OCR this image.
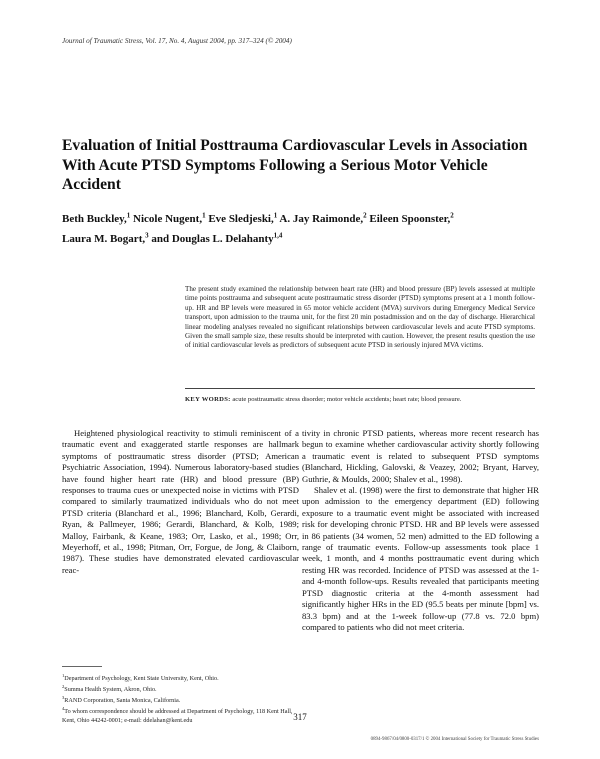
Journal of Traumatic Stress, Vol. 17, No. 4, August 2004, pp. 317–324 (© 2004)
Evaluation of Initial Posttrauma Cardiovascular Levels in Association With Acute PTSD Symptoms Following a Serious Motor Vehicle Accident
Beth Buckley,$^1$ Nicole Nugent,$^1$ Eve Sledjeski,$^1$ A. Jay Raimonde,$^2$ Eileen Spoonster,$^2$
Laura M. Bogart,$^3$ and Douglas L. Delahanty$^{1,4}$
The present study examined the relationship between heart rate (HR) and blood pressure (BP) levels assessed at multiple time points posttrauma and subsequent acute posttraumatic stress disorder (PTSD) symptoms present at a 1 month follow-up. HR and BP levels were measured in 65 motor vehicle accident (MVA) survivors during Emergency Medical Service transport, upon admission to the trauma unit, for the first 20 min postadmission and on the day of discharge. Hierarchical linear modeling analyses revealed no significant relationships between cardiovascular levels and acute PTSD symptoms. Given the small sample size, these results should be interpreted with caution. However, the present results question the use of initial cardiovascular levels as predictors of subsequent acute PTSD in seriously injured MVA victims.
KEY WORDS: acute posttraumatic stress disorder; motor vehicle accidents; heart rate; blood pressure.

Heightened physiological reactivity to stimuli reminiscent of a traumatic event and exaggerated startle responses are hallmark symptoms of posttraumatic stress disorder (PTSD; American Psychiatric Association, 1994). Numerous laboratory-based studies have found higher heart rate (HR) and blood pressure (BP) responses to trauma cues or unexpected noise in victims with PTSD compared to similarly traumatized individuals who do not meet PTSD criteria (Blanchard et al., 1996; Blanchard, Kolb, Gerardi, Ryan, & Pallmeyer, 1986; Gerardi, Blanchard, & Kolb, 1989; Malloy, Fairbank, & Keane, 1983; Orr, Lasko, et al., 1998; Orr, Meyerhoff, et al., 1998; Pitman, Orr, Forgue, de Jong, & Claiborn, 1987). These studies have demonstrated elevated cardiovascular reac-

tivity in chronic PTSD patients, whereas more recent research has begun to examine whether cardiovascular activity shortly following a traumatic event is related to subsequent PTSD symptoms (Blanchard, Hickling, Galovski, & Veazey, 2002; Bryant, Harvey, Guthrie, & Moulds, 2000; Shalev et al., 1998).

Shalev et al. (1998) were the first to demonstrate that higher HR upon admission to the emergency department (ED) following exposure to a traumatic event might be associated with increased risk for developing chronic PTSD. HR and BP levels were assessed in 86 patients (34 women, 52 men) admitted to the ED following a range of traumatic events. Follow-up assessments took place 1 week, 1 month, and 4 months posttraumatic event during which resting HR was recorded. Incidence of PTSD was assessed at the 1- and 4-month follow-ups. Results revealed that participants meeting PTSD diagnostic criteria at the 4-month assessment had significantly higher HRs in the ED (95.5 beats per minute [bpm] vs. 83.3 bpm) and at the 1-week follow-up (77.8 vs. 72.0 bpm) compared to patients who did not meet criteria.

$^1$Department of Psychology, Kent State University, Kent, Ohio.

$^2$Summa Health System, Akron, Ohio.

$^3$RAND Corporation, Santa Monica, California.

$^4$To whom correspondence should be addressed at Department of Psychology, 118 Kent Hall, Kent, Ohio 44242-0001; e-mail: ddelahan@kent.edu	317
0894-9867/04/0800-0317/1 © 2004 International Society for Traumatic Stress Studies
